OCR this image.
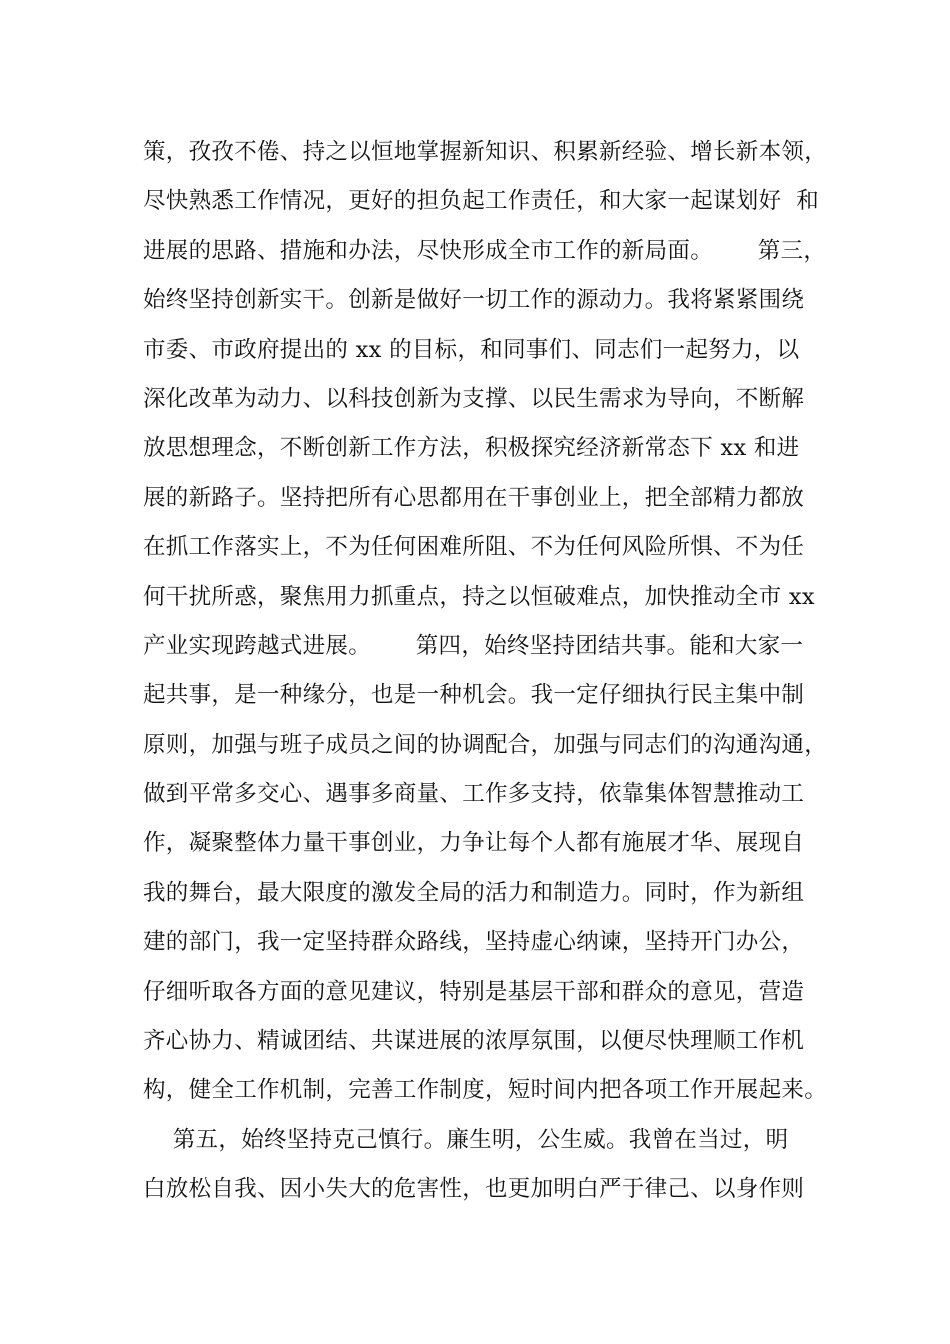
策，孜孜不倦、持之以恒地掌握新知识、积累新经验、增长新本领，
尽快熟悉工作情况，更好的担负起工作责任，和大家一起谋划好  和
进展的思路、措施和办法，尽快形成全市工作的新局面。      第三，
始终坚持创新实干。创新是做好一切工作的源动力。我将紧紧围绕
市委、市政府提出的 xx 的目标，和同事们、同志们一起努力，以
深化改革为动力、以科技创新为支撑、以民生需求为导向，不断解
放思想理念，不断创新工作方法，积极探究经济新常态下 xx 和进
展的新路子。坚持把所有心思都用在干事创业上，把全部精力都放
在抓工作落实上，不为任何困难所阻、不为任何风险所惧、不为任
何干扰所惑，聚焦用力抓重点，持之以恒破难点，加快推动全市 xx
产业实现跨越式进展。      第四，始终坚持团结共事。能和大家一
起共事，是一种缘分，也是一种机会。我一定仔细执行民主集中制
原则，加强与班子成员之间的协调配合，加强与同志们的沟通沟通，
做到平常多交心、遇事多商量、工作多支持，依靠集体智慧推动工
作，凝聚整体力量干事创业，力争让每个人都有施展才华、展现自
我的舞台，最大限度的激发全局的活力和制造力。同时，作为新组
建的部门，我一定坚持群众路线，坚持虚心纳谏，坚持开门办公，
仔细听取各方面的意见建议，特别是基层干部和群众的意见，营造
齐心协力、精诚团结、共谋进展的浓厚氛围，以便尽快理顺工作机
构，健全工作机制，完善工作制度，短时间内把各项工作开展起来。
第五，始终坚持克己慎行。廉生明，公生威。我曾在当过，明
白放松自我、因小失大的危害性，也更加明白严于律己、以身作则
